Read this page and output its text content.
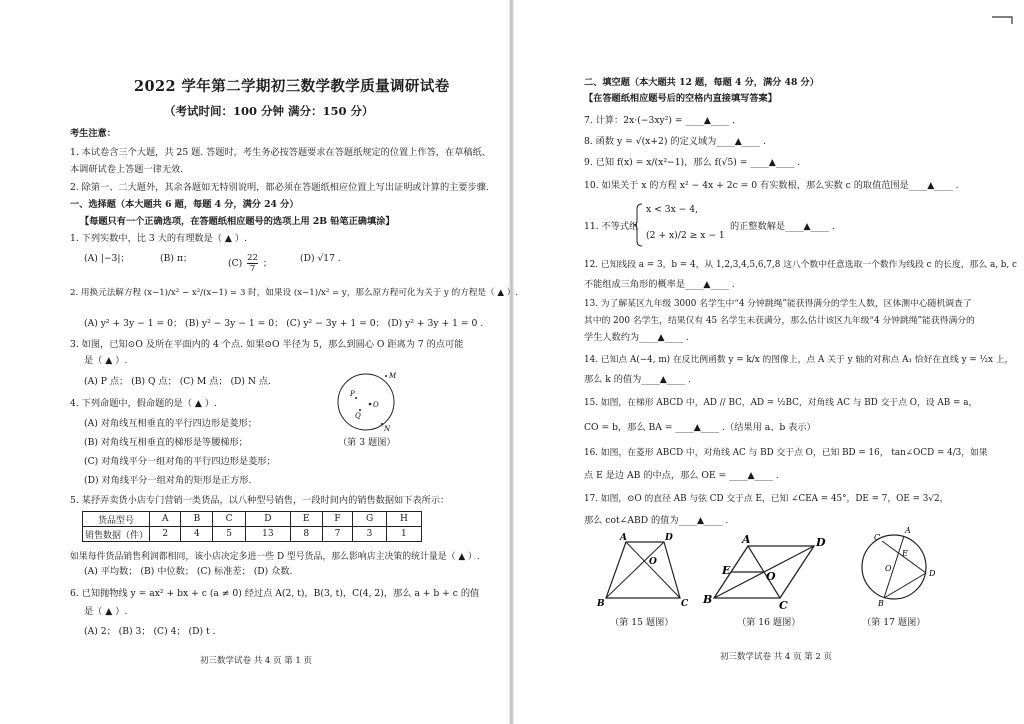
2022 学年第二学期初三数学教学质量调研试卷
（考试时间：100 分钟 满分：150 分）
考生注意：
1. 本试卷含三个大题，共 25 题. 答题时，考生务必按答题要求在答题纸规定的位置上作答，在草稿纸、
本调研试卷上答题一律无效.
2. 除第一、二大题外，其余各题如无特别说明，都必须在答题纸相应位置上写出证明或计算的主要步骤.
一、选择题（本大题共 6 题，每题 4 分，满分 24 分）
【每题只有一个正确选项，在答题纸相应题号的选项上用 2B 铅笔正确填涂】
1. 下列实数中，比 3 大的有理数是（ ▲ ）.
(A) |−3|；	(B) π；	$(C) \frac{22}{7}$ ；	(D) √17 .
2. 用换元法解方程 (x−1)/x² − x²/(x−1) = 3 时，如果设 (x−1)/x² = y，那么原方程可化为关于 y 的方程是（ ▲ ）.
(A) y² + 3y − 1 = 0； (B) y² − 3y − 1 = 0； (C) y² − 3y + 1 = 0； (D) y² + 3y + 1 = 0 .
3. 如图，已知⊙O 及所在平面内的 4 个点. 如果⊙O 半径为 5，那么到圆心 O 距离为 7 的点可能
是（ ▲ ）.
(A) P 点； (B) Q 点； (C) M 点； (D) N 点.
O
P
Q
M
N
（第 3 题图）
4. 下列命题中，假命题的是（ ▲ ）.
(A) 对角线互相垂直的平行四边形是菱形；
(B) 对角线互相垂直的梯形是等腰梯形；
(C) 对角线平分一组对角的平行四边形是菱形；
(D) 对角线平分一组对角的矩形是正方形.
5. 某抒弄卖货小店专门营销一类货品，以八种型号销售，一段时间内的销售数据如下表所示：
货品型号	A	B	C	D	E	F	G	H
销售数据（件）	2	4	5	13	8	7	3	1
如果每件货品销售利润都相同，该小店决定多进一些 D 型号货品，那么影响店主决策的统计量是（ ▲ ）.
(A) 平均数； (B) 中位数； (C) 标准差； (D) 众数.
6. 已知抛物线 y = ax² + bx + c (a ≠ 0) 经过点 A(2, t)，B(3, t)，C(4, 2)，那么 a + b + c 的值
是（ ▲ ）.
(A) 2； (B) 3； (C) 4； (D) t .
初三数学试卷 共 4 页 第 1 页
二、填空题（本大题共 12 题，每题 4 分，满分 48 分）
【在答题纸相应题号后的空格内直接填写答案】
7. 计算：2x·(−3xy²) = ____▲____ .
8. 函数 y = √(x+2) 的定义域为____▲____ .
9. 已知 f(x) = x/(x²−1)，那么 f(√5) = ____▲____ .
10. 如果关于 x 的方程 x² − 4x + 2c = 0 有实数根，那么实数 c 的取值范围是____▲____ .
11. 不等式组
x < 3x − 4,
(2 + x)/2 ≥ x − 1
的正整数解是____▲____ .
12. 已知线段 a = 3，b = 4，从 1,2,3,4,5,6,7,8 这八个数中任意选取一个数作为线段 c 的长度，那么 a, b, c
不能组成三角形的概率是____▲____ .
13. 为了解某区九年级 3000 名学生中“4 分钟跳绳”能获得满分的学生人数，区体测中心随机调查了
其中的 200 名学生，结果仅有 45 名学生未获满分，那么估计该区九年级“4 分钟跳绳”能获得满分的
学生人数约为____▲____ .
14. 已知点 A(−4, m) 在反比例函数 y = k/x 的图像上，点 A 关于 y 轴的对称点 A₁ 恰好在直线 y = ½x 上，
那么 k 的值为____▲____ .
15. 如图，在梯形 ABCD 中，AD // BC，AD = ½BC，对角线 AC 与 BD 交于点 O，设 AB = a，
CO = b，那么 BA = ____▲____ .（结果用 a、b 表示）
16. 如图，在菱形 ABCD 中，对角线 AC 与 BD 交于点 O，已知 BD = 16， tan∠OCD = 4/3，如果
点 E 是边 AB 的中点，那么 OE = ____▲____ .
17. 如图，⊙O 的直径 AB 与弦 CD 交于点 E，已知 ∠CEA = 45°，DE = 7，OE = 3√2，
那么 cot∠ABD 的值为____▲____ .
A	D
B	C
O
A	D
B	C
E	O
A
C
D
B
E
O
（第 15 题图）	（第 16 题图）	（第 17 题图）
初三数学试卷 共 4 页 第 2 页
